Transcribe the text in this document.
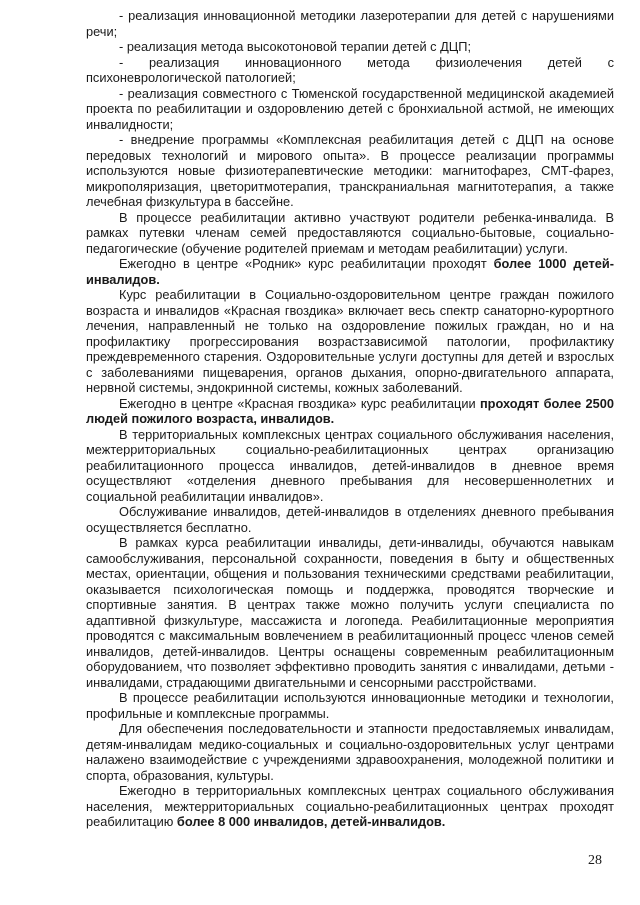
- реализация инновационной методики лазеротерапии для детей с нарушениями речи;

- реализация метода высокотоновой терапии детей с ДЦП;

- реализация инновационного метода физиолечения детей с психоневрологической патологией;

- реализация совместного с Тюменской государственной медицинской академией проекта по реабилитации и оздоровлению детей с бронхиальной астмой, не имеющих инвалидности;

- внедрение программы «Комплексная реабилитация детей с ДЦП на основе передовых технологий и мирового опыта». В процессе реализации программы используются новые физиотерапевтические методики: магнитофарез, СМТ-фарез, микрополяризация, цветоритмотерапия, транскраниальная магнитотерапия, а также лечебная физкультура в бассейне.

В процессе реабилитации активно участвуют родители ребенка-инвалида. В рамках путевки членам семей предоставляются социально-бытовые, социально-педагогические (обучение родителей приемам и методам реабилитации) услуги.

Ежегодно в центре «Родник» курс реабилитации проходят более 1000 детей-инвалидов.

Курс реабилитации в Социально-оздоровительном центре граждан пожилого возраста и инвалидов «Красная гвоздика» включает весь спектр санаторно-курортного лечения, направленный не только на оздоровление пожилых граждан, но и на профилактику прогрессирования возрастзависимой патологии, профилактику преждевременного старения. Оздоровительные услуги доступны для детей и взрослых с заболеваниями пищеварения, органов дыхания, опорно-двигательного аппарата, нервной системы, эндокринной системы, кожных заболеваний.

Ежегодно в центре «Красная гвоздика» курс реабилитации проходят более 2500 людей пожилого возраста, инвалидов.

В территориальных комплексных центрах социального обслуживания населения, межтерриториальных социально-реабилитационных центрах организацию реабилитационного процесса инвалидов, детей-инвалидов в дневное время осуществляют «отделения дневного пребывания для несовершеннолетних и социальной реабилитации инвалидов».

Обслуживание инвалидов, детей-инвалидов в отделениях дневного пребывания осуществляется бесплатно.

В рамках курса реабилитации инвалиды, дети-инвалиды, обучаются навыкам самообслуживания, персональной сохранности, поведения в быту и общественных местах, ориентации, общения и пользования техническими средствами реабилитации, оказывается психологическая помощь и поддержка, проводятся творческие и спортивные занятия. В центрах также можно получить услуги специалиста по адаптивной физкультуре, массажиста и логопеда. Реабилитационные мероприятия проводятся с максимальным вовлечением в реабилитационный процесс членов семей инвалидов, детей-инвалидов. Центры оснащены современным реабилитационным оборудованием, что позволяет эффективно проводить занятия с инвалидами, детьми - инвалидами, страдающими двигательными и сенсорными расстройствами.

В процессе реабилитации используются инновационные методики и технологии, профильные и комплексные программы.

Для обеспечения последовательности и этапности предоставляемых инвалидам, детям-инвалидам медико-социальных и социально-оздоровительных услуг центрами налажено взаимодействие с учреждениями здравоохранения, молодежной политики и спорта, образования, культуры.

Ежегодно в территориальных комплексных центрах социального обслуживания населения, межтерриториальных социально-реабилитационных центрах проходят реабилитацию более 8 000 инвалидов, детей-инвалидов.

28
